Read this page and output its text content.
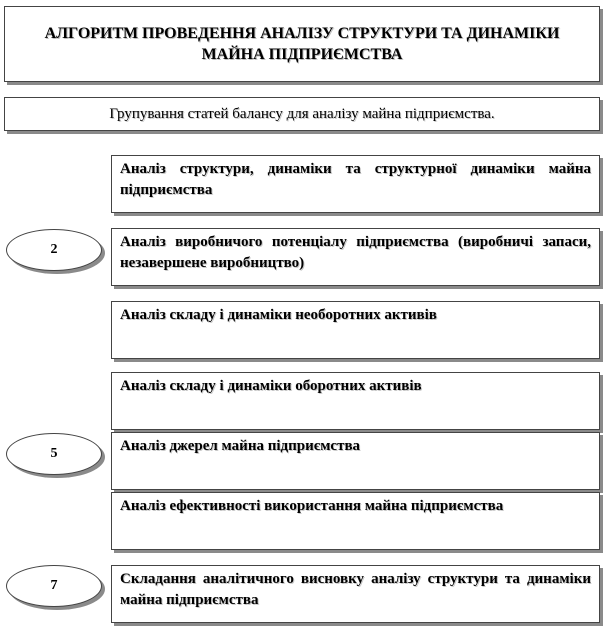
АЛГОРИТМ ПРОВЕДЕННЯ АНАЛІЗУ СТРУКТУРИ ТА ДИНАМІКИ МАЙНА ПІДПРИЄМСТВА
Групування статей балансу для аналізу майна підприємства.
Аналіз структури, динаміки та структурної динаміки майна підприємства
2	Аналіз виробничого потенціалу підприємства (виробничі запаси, незавершене виробництво)
Аналіз складу і динаміки необоротних активів
Аналіз складу і динаміки оборотних активів
5	Аналіз джерел майна підприємства
Аналіз ефективності використання майна підприємства
7	Складання аналітичного висновку аналізу структури та динаміки майна підприємства
